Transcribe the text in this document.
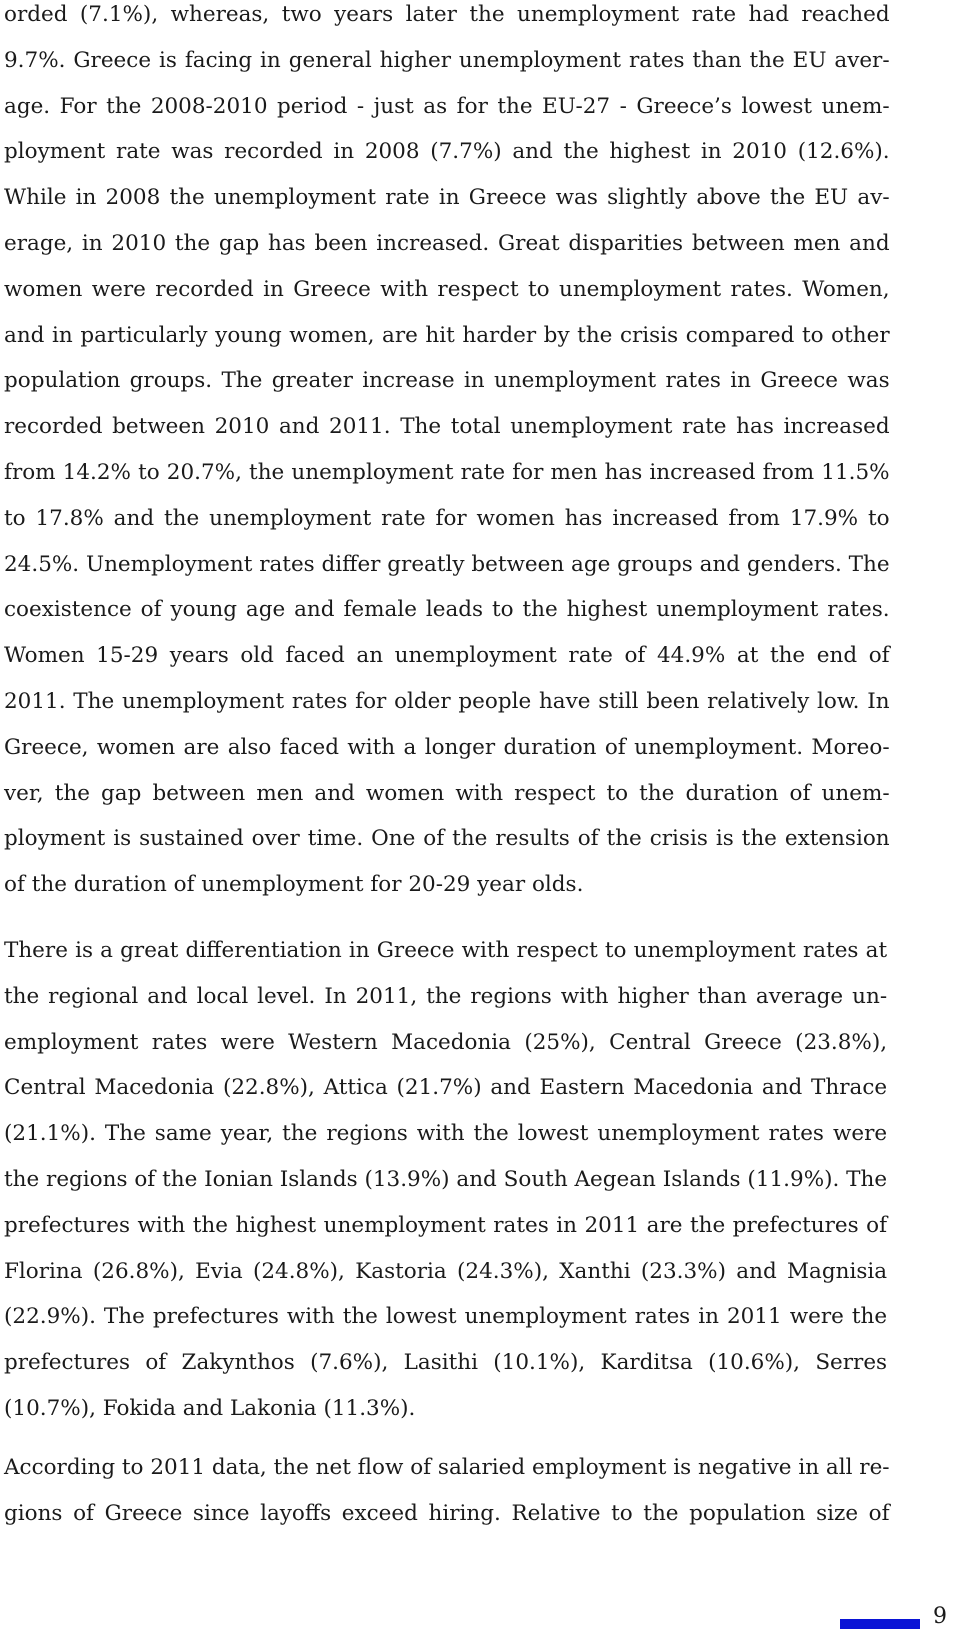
orded (7.1%), whereas, two years later the unemployment rate had reached
9.7%. Greece is facing in general higher unemployment rates than the EU aver-
age. For the 2008-2010 period - just as for the EU-27 - Greece’s lowest unem-
ployment rate was recorded in 2008 (7.7%) and the highest in 2010 (12.6%).
While in 2008 the unemployment rate in Greece was slightly above the EU av-
erage, in 2010 the gap has been increased. Great disparities between men and
women were recorded in Greece with respect to unemployment rates. Women,
and in particularly young women, are hit harder by the crisis compared to other
population groups. The greater increase in unemployment rates in Greece was
recorded between 2010 and 2011. The total unemployment rate has increased
from 14.2% to 20.7%, the unemployment rate for men has increased from 11.5%
to 17.8% and the unemployment rate for women has increased from 17.9% to
24.5%. Unemployment rates differ greatly between age groups and genders. The
coexistence of young age and female leads to the highest unemployment rates.
Women 15-29 years old faced an unemployment rate of 44.9% at the end of
2011. The unemployment rates for older people have still been relatively low. In
Greece, women are also faced with a longer duration of unemployment. Moreo-
ver, the gap between men and women with respect to the duration of unem-
ployment is sustained over time. One of the results of the crisis is the extension
of the duration of unemployment for 20-29 year olds.
There is a great differentiation in Greece with respect to unemployment rates at
the regional and local level. In 2011, the regions with higher than average un-
employment rates were Western Macedonia (25%), Central Greece (23.8%),
Central Macedonia (22.8%), Attica (21.7%) and Eastern Macedonia and Thrace
(21.1%). The same year, the regions with the lowest unemployment rates were
the regions of the Ionian Islands (13.9%) and South Aegean Islands (11.9%). The
prefectures with the highest unemployment rates in 2011 are the prefectures of
Florina (26.8%), Evia (24.8%), Kastoria (24.3%), Xanthi (23.3%) and Magnisia
(22.9%). The prefectures with the lowest unemployment rates in 2011 were the
prefectures of Zakynthos (7.6%), Lasithi (10.1%), Karditsa (10.6%), Serres
(10.7%), Fokida and Lakonia (11.3%).
According to 2011 data, the net flow of salaried employment is negative in all re-
gions of Greece since layoffs exceed hiring. Relative to the population size of
9
